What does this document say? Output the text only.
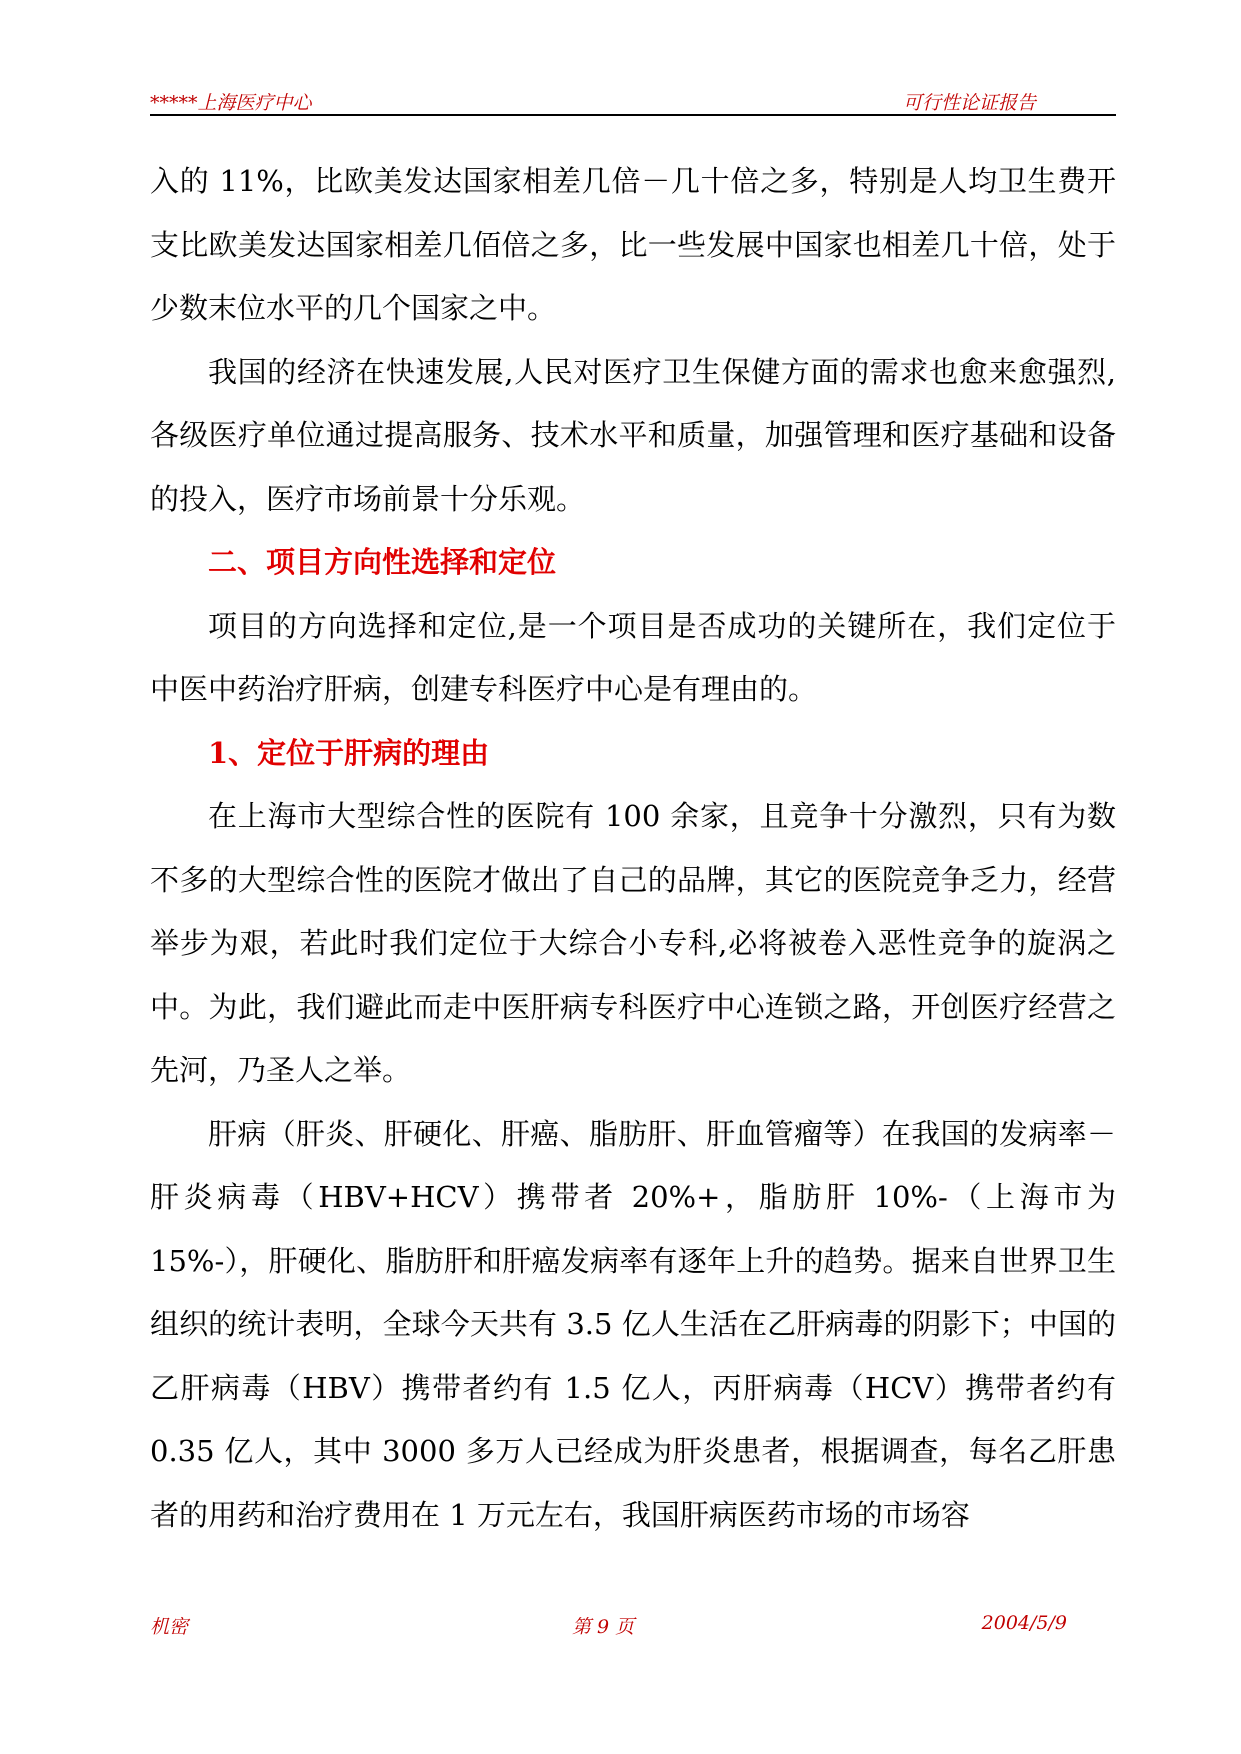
*****上海医疗中心	可行性论证报告

入的 11%，比欧美发达国家相差几倍－几十倍之多，特别是人均卫生费开支比欧美发达国家相差几佰倍之多，比一些发展中国家也相差几十倍，处于少数末位水平的几个国家之中。

我国的经济在快速发展,人民对医疗卫生保健方面的需求也愈来愈强烈,各级医疗单位通过提高服务、技术水平和质量，加强管理和医疗基础和设备的投入，医疗市场前景十分乐观。

二、项目方向性选择和定位

项目的方向选择和定位,是一个项目是否成功的关键所在，我们定位于中医中药治疗肝病，创建专科医疗中心是有理由的。

1、定位于肝病的理由

在上海市大型综合性的医院有 100 余家，且竞争十分激烈，只有为数不多的大型综合性的医院才做出了自己的品牌，其它的医院竞争乏力，经营举步为艰，若此时我们定位于大综合小专科,必将被卷入恶性竞争的旋涡之中。为此，我们避此而走中医肝病专科医疗中心连锁之路，开创医疗经营之先河，乃圣人之举。

肝病（肝炎、肝硬化、肝癌、脂肪肝、肝血管瘤等）在我国的发病率－肝炎病毒（HBV+HCV）携带者 20%+，脂肪肝 10%-（上海市为 15%-），肝硬化、脂肪肝和肝癌发病率有逐年上升的趋势。据来自世界卫生组织的统计表明，全球今天共有 3.5 亿人生活在乙肝病毒的阴影下；中国的乙肝病毒（HBV）携带者约有 1.5 亿人，丙肝病毒（HCV）携带者约有 0.35 亿人，其中 3000 多万人已经成为肝炎患者，根据调查，每名乙肝患者的用药和治疗费用在 1 万元左右，我国肝病医药市场的市场容

机密	第 9 页	2004/5/9
